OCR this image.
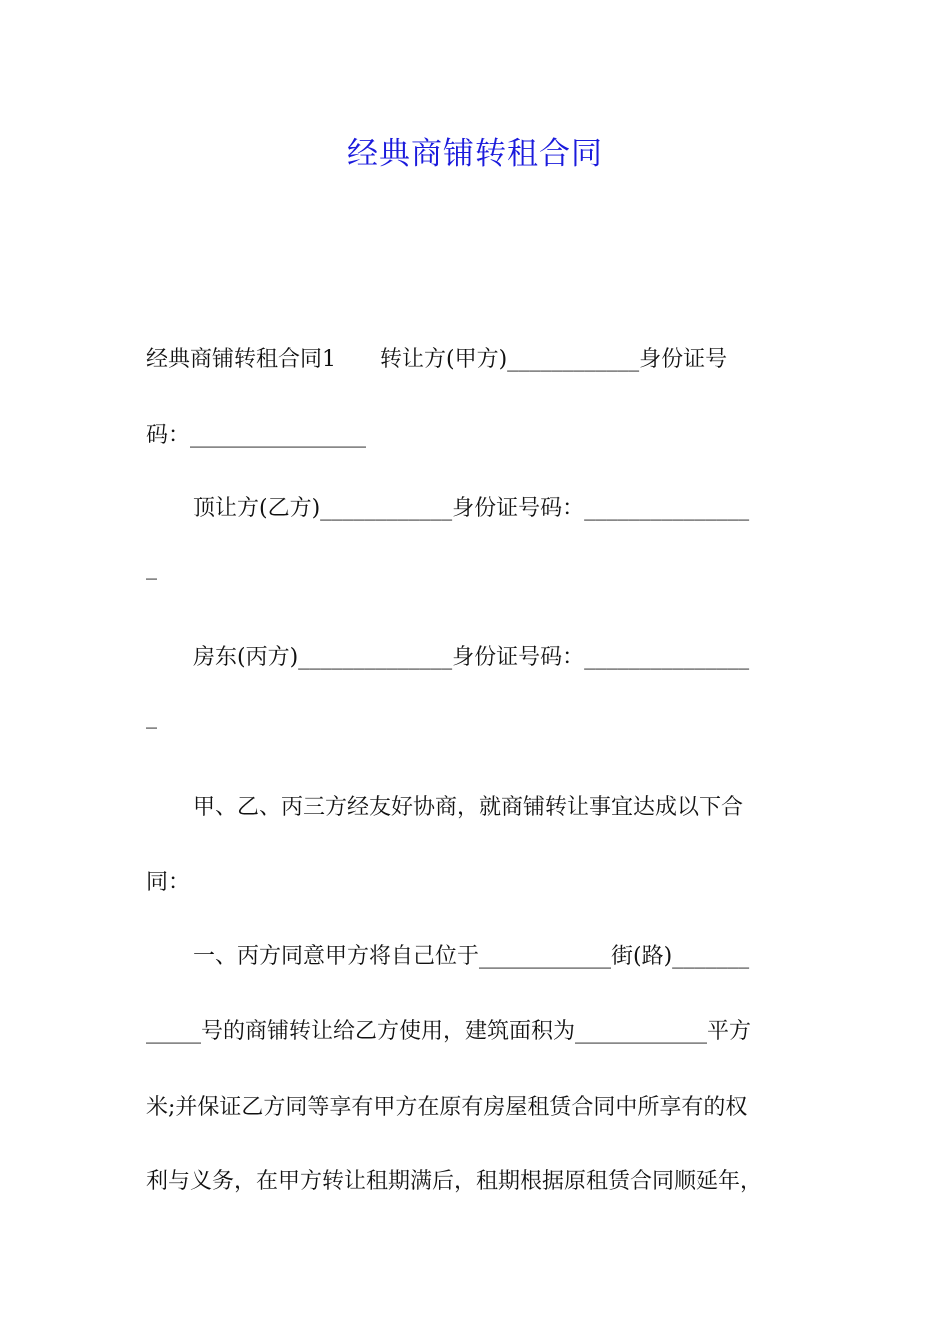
经典商铺转租合同
经典商铺转租合同1　　转让方(甲方)____________身份证号
码：________________
顶让方(乙方)____________身份证号码：_______________
_
房东(丙方)______________身份证号码：_______________
_
甲、乙、丙三方经友好协商，就商铺转让事宜达成以下合
同：
一、丙方同意甲方将自己位于____________街(路)_______
_____号的商铺转让给乙方使用，建筑面积为____________平方
米;并保证乙方同等享有甲方在原有房屋租赁合同中所享有的权
利与义务，在甲方转让租期满后，租期根据原租赁合同顺延年，
